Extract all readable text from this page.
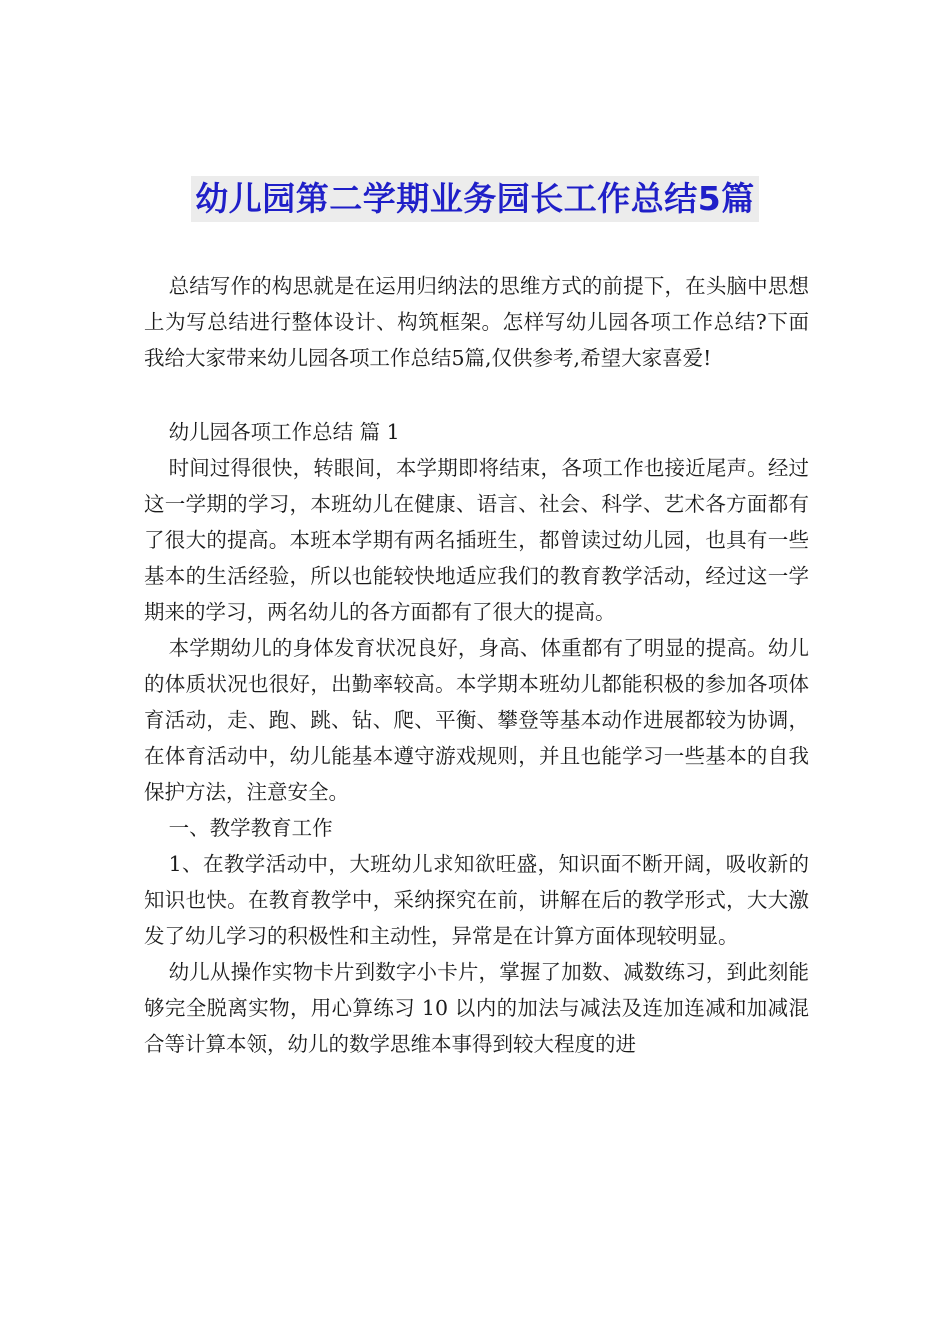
幼儿园第二学期业务园长工作总结5篇

总结写作的构思就是在运用归纳法的思维方式的前提下，在头脑中思想上为写总结进行整体设计、构筑框架。怎样写幼儿园各项工作总结?下面我给大家带来幼儿园各项工作总结5篇,仅供参考,希望大家喜爱!

幼儿园各项工作总结 篇 1

时间过得很快，转眼间，本学期即将结束，各项工作也接近尾声。经过这一学期的学习，本班幼儿在健康、语言、社会、科学、艺术各方面都有了很大的提高。本班本学期有两名插班生，都曾读过幼儿园，也具有一些基本的生活经验，所以也能较快地适应我们的教育教学活动，经过这一学期来的学习，两名幼儿的各方面都有了很大的提高。

本学期幼儿的身体发育状况良好，身高、体重都有了明显的提高。幼儿的体质状况也很好，出勤率较高。本学期本班幼儿都能积极的参加各项体育活动，走、跑、跳、钻、爬、平衡、攀登等基本动作进展都较为协调，在体育活动中，幼儿能基本遵守游戏规则，并且也能学习一些基本的自我保护方法，注意安全。

一、教学教育工作

1、在教学活动中，大班幼儿求知欲旺盛，知识面不断开阔，吸收新的知识也快。在教育教学中，采纳探究在前，讲解在后的教学形式，大大激发了幼儿学习的积极性和主动性，异常是在计算方面体现较明显。

幼儿从操作实物卡片到数字小卡片，掌握了加数、减数练习，到此刻能够完全脱离实物，用心算练习 10 以内的加法与减法及连加连减和加减混合等计算本领，幼儿的数学思维本事得到较大程度的进
